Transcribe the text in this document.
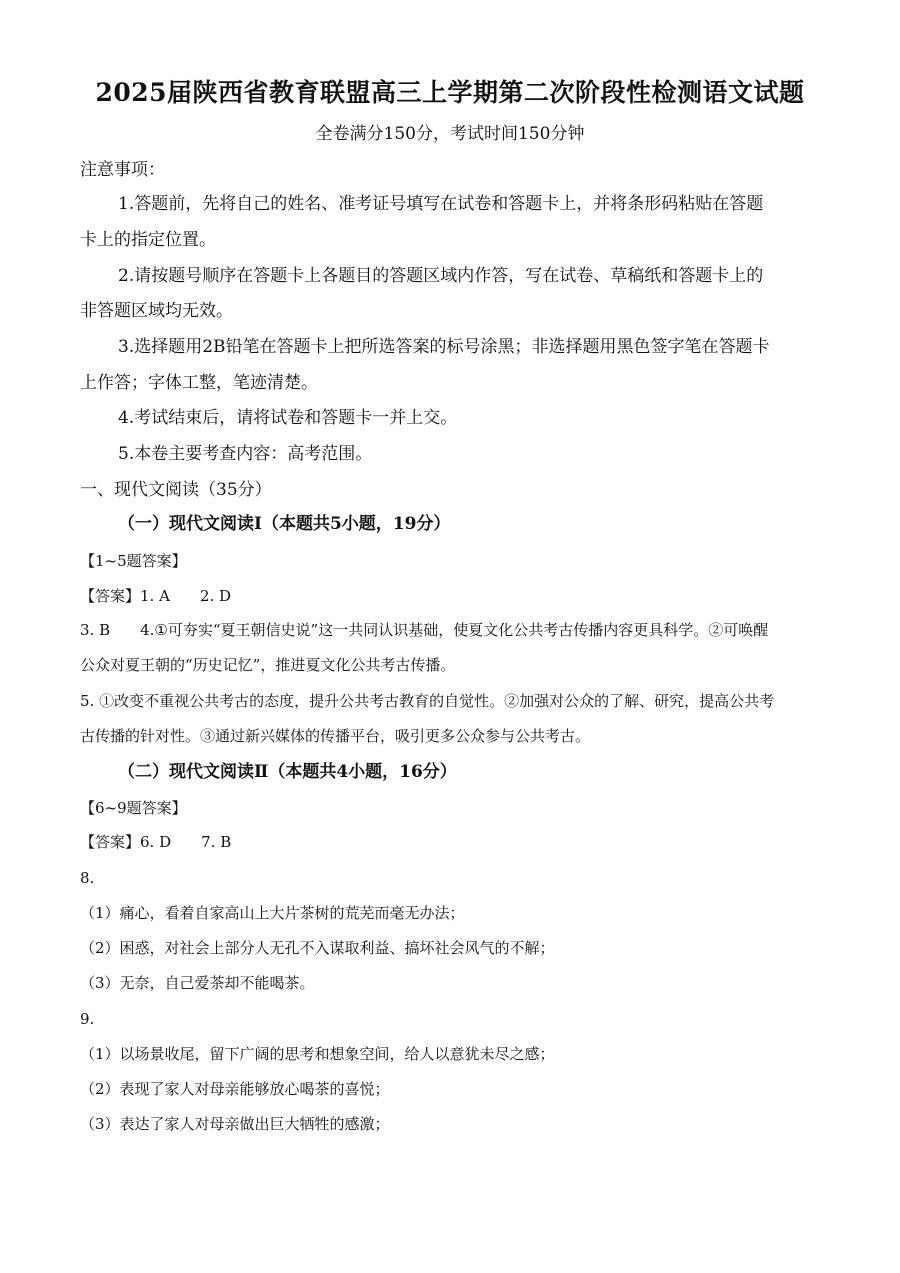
2025届陕西省教育联盟高三上学期第二次阶段性检测语文试题
全卷满分150分，考试时间150分钟
注意事项：
1.答题前，先将自己的姓名、准考证号填写在试卷和答题卡上，并将条形码粘贴在答题
卡上的指定位置。
2.请按题号顺序在答题卡上各题目的答题区域内作答，写在试卷、草稿纸和答题卡上的
非答题区域均无效。
3.选择题用2B铅笔在答题卡上把所选答案的标号涂黑；非选择题用黑色签字笔在答题卡
上作答；字体工整，笔迹清楚。
4.考试结束后，请将试卷和答题卡一并上交。
5.本卷主要考查内容：高考范围。
一、现代文阅读（35分）
（一）现代文阅读Ⅰ（本题共5小题，19分）
【1~5题答案】
【答案】1. A 2. D
3. B 4.①可夯实“夏王朝信史说”这一共同认识基础，使夏文化公共考古传播内容更具科学。②可唤醒
公众对夏王朝的“历史记忆”，推进夏文化公共考古传播。
5. ①改变不重视公共考古的态度，提升公共考古教育的自觉性。②加强对公众的了解、研究，提高公共考
古传播的针对性。③通过新兴媒体的传播平台，吸引更多公众参与公共考古。
（二）现代文阅读Ⅱ（本题共4小题，16分）
【6~9题答案】
【答案】6. D 7. B
8.
（1）痛心，看着自家高山上大片茶树的荒芜而毫无办法；
（2）困惑，对社会上部分人无孔不入谋取利益、搞坏社会风气的不解；
（3）无奈，自己爱茶却不能喝茶。
9.
（1）以场景收尾，留下广阔的思考和想象空间，给人以意犹未尽之感；
（2）表现了家人对母亲能够放心喝茶的喜悦；
（3）表达了家人对母亲做出巨大牺牲的感激；
